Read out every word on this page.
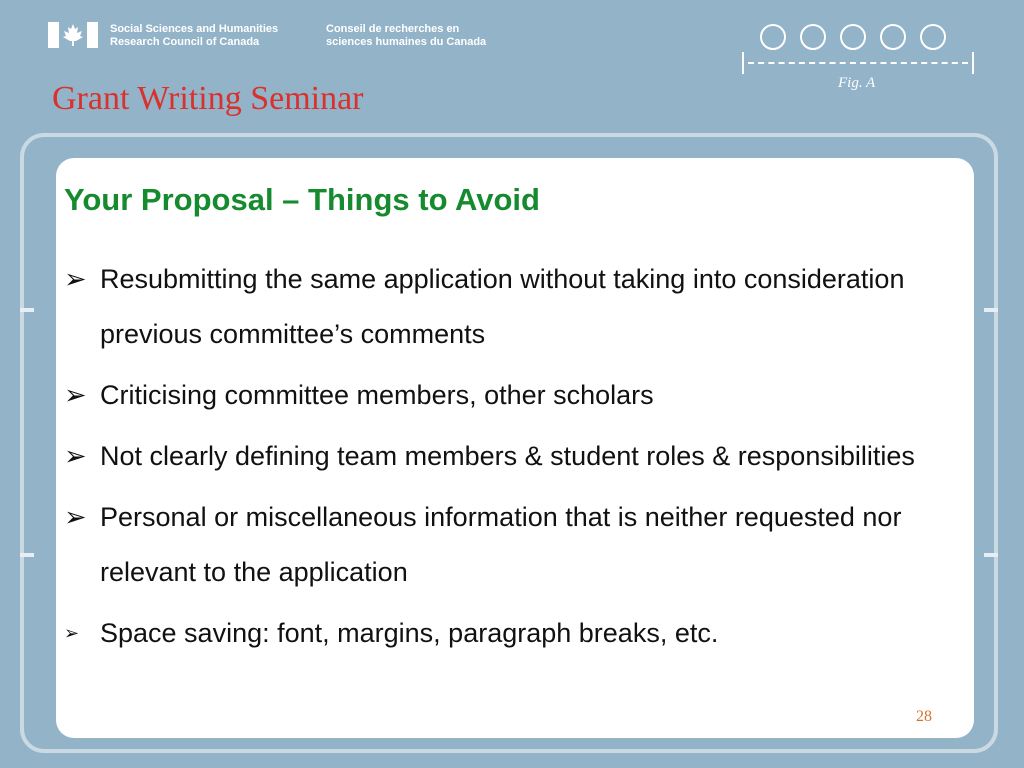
Social Sciences and Humanities
Research Council of Canada
Conseil de recherches en
sciences humaines du Canada
Grant Writing Seminar	Fig. A
Your Proposal – Things to Avoid
➢ Resubmitting the same application without taking into consideration previous committee’s comments
➢ Criticising committee members, other scholars
➢ Not clearly defining team members & student roles & responsibilities
➢ Personal or miscellaneous information that is neither requested nor relevant to the application
➢ Space saving: font, margins, paragraph breaks, etc.
28
